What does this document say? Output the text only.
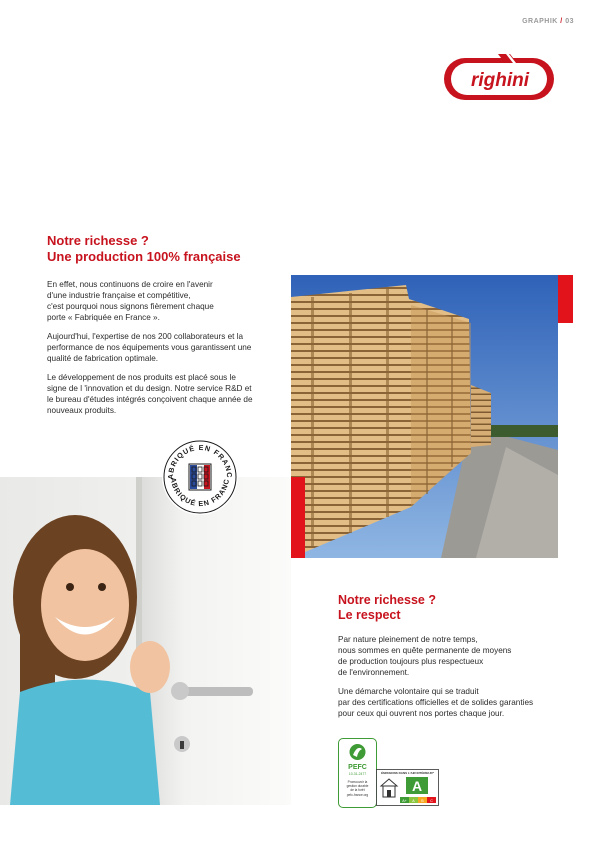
GRAPHIK / 03
righini
Notre richesse ?
Une production 100% française

En effet, nous continuons de croire en l'avenir
d'une industrie française et compétitive,
c'est pourquoi nous signons fièrement chaque
porte « Fabriquée en France ».

Aujourd'hui, l'expertise de nos 200 collaborateurs et la
performance de nos équipements vous garantissent une
qualité de fabrication optimale.

Le développement de nos produits est placé sous le
signe de l 'innovation et du design. Notre service R&D et
le bureau d'études intégrés conçoivent chaque année de
nouveaux produits.

ABRIQUÉ EN FRANC
ABRIQUÉ EN FRANC
Notre richesse ?
Le respect

Par nature pleinement de notre temps,
nous sommes en quête permanente de moyens
de production toujours plus respectueux
de l'environnement.

Une démarche volontaire qui se traduit
par des certifications officielles et de solides garanties
pour ceux qui ouvrent nos portes chaque jour.

PEFC
10-31-2477
Promouvoir la
gestion durable
de la forêt
pefc-france.org
ÉMISSIONS DANS L'AIR INTÉRIEUR*
A
A+ A B C
